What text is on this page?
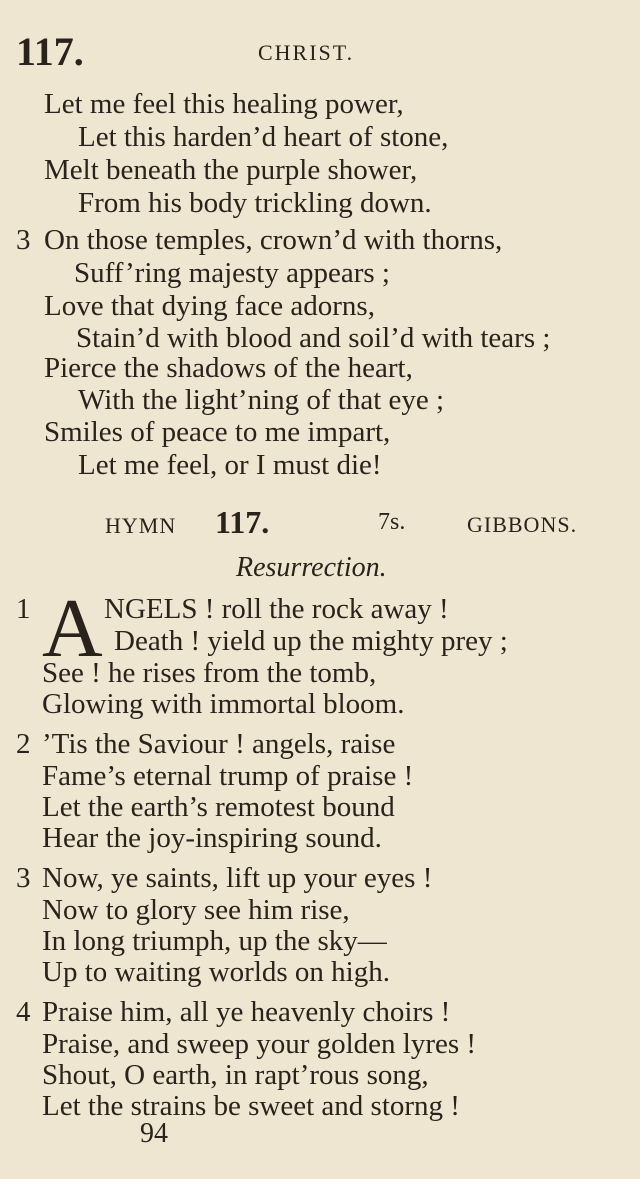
117.	CHRIST.
Let me feel this healing power,
Let this harden’d heart of stone,
Melt beneath the purple shower,
From his body trickling down.
3 On those temples, crown’d with thorns,
Suff’ring majesty appears ;
Love that dying face adorns,
Stain’d with blood and soil’d with tears ;
Pierce the shadows of the heart,
With the light’ning of that eye ;
Smiles of peace to me impart,
Let me feel, or I must die!
HYMN 117.	7s.	GIBBONS.
Resurrection.
1 A NGELS ! roll the rock away !
Death ! yield up the mighty prey ;
See ! he rises from the tomb,
Glowing with immortal bloom.
2 ’Tis the Saviour ! angels, raise
Fame’s eternal trump of praise !
Let the earth’s remotest bound
Hear the joy-inspiring sound.
3 Now, ye saints, lift up your eyes !
Now to glory see him rise,
In long triumph, up the sky—
Up to waiting worlds on high.
4 Praise him, all ye heavenly choirs !
Praise, and sweep your golden lyres !
Shout, O earth, in rapt’rous song,
Let the strains be sweet and storng !
94
